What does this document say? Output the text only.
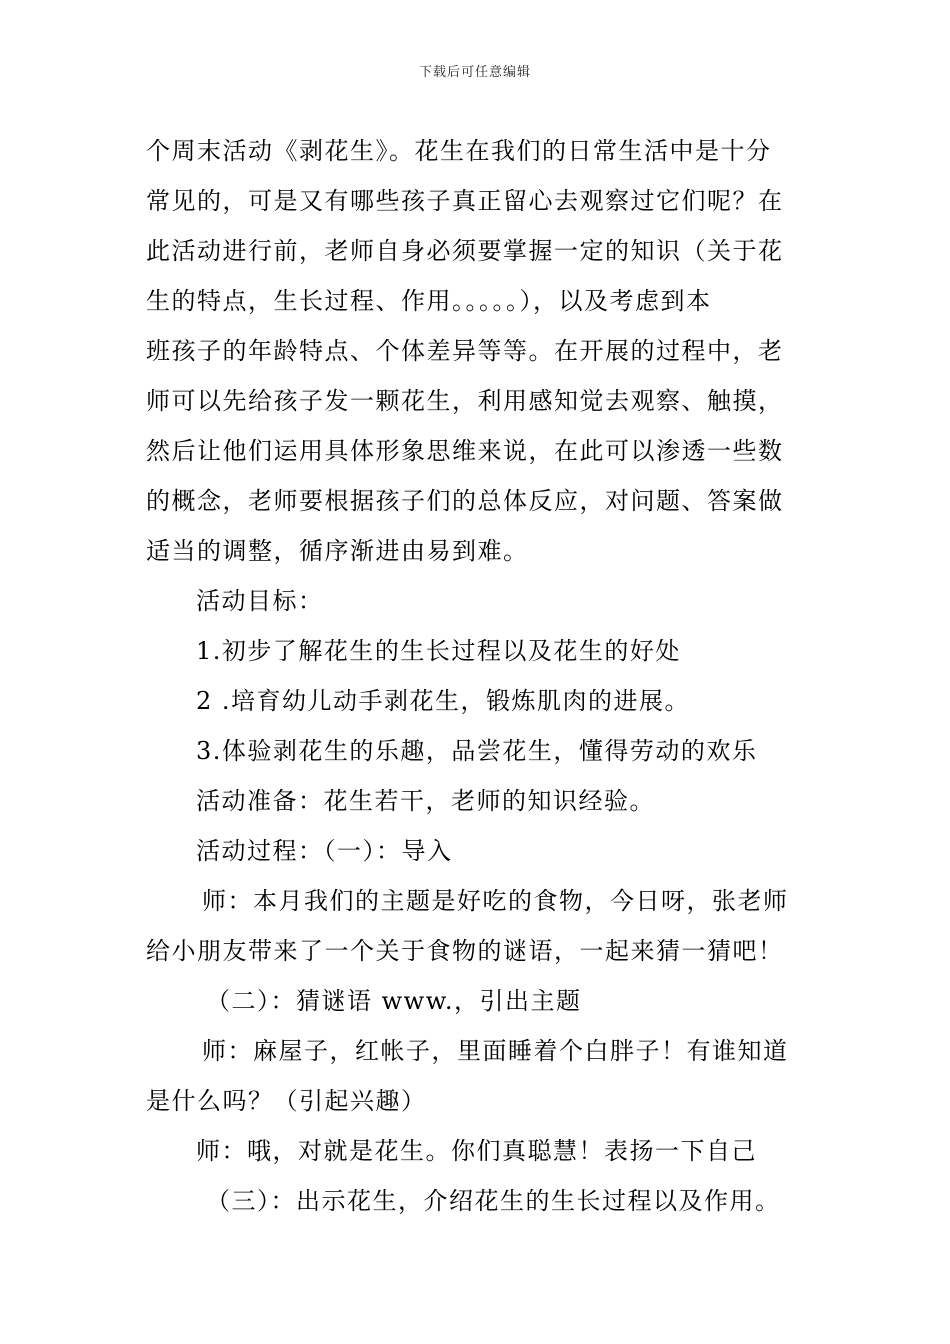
下载后可任意编辑
个周末活动《剥花生》。花生在我们的日常生活中是十分
常见的，可是又有哪些孩子真正留心去观察过它们呢？在
此活动进行前，老师自身必须要掌握一定的知识（关于花
生的特点，生长过程、作用。。。。。），以及考虑到本
班孩子的年龄特点、个体差异等等。在开展的过程中，老
师可以先给孩子发一颗花生，利用感知觉去观察、触摸，
然后让他们运用具体形象思维来说，在此可以渗透一些数
的概念，老师要根据孩子们的总体反应，对问题、答案做
适当的调整，循序渐进由易到难。
活动目标：
1.初步了解花生的生长过程以及花生的好处
2 .培育幼儿动手剥花生，锻炼肌肉的进展。
3.体验剥花生的乐趣，品尝花生，懂得劳动的欢乐
活动准备：花生若干，老师的知识经验。
活动过程：（一）：导入
师：本月我们的主题是好吃的食物，今日呀，张老师
给小朋友带来了一个关于食物的谜语，一起来猜一猜吧！
（二）：猜谜语 www.，引出主题
师：麻屋子，红帐子，里面睡着个白胖子！有谁知道
是什么吗？（引起兴趣）
师：哦，对就是花生。你们真聪慧！表扬一下自己
（三）：出示花生，介绍花生的生长过程以及作用。
